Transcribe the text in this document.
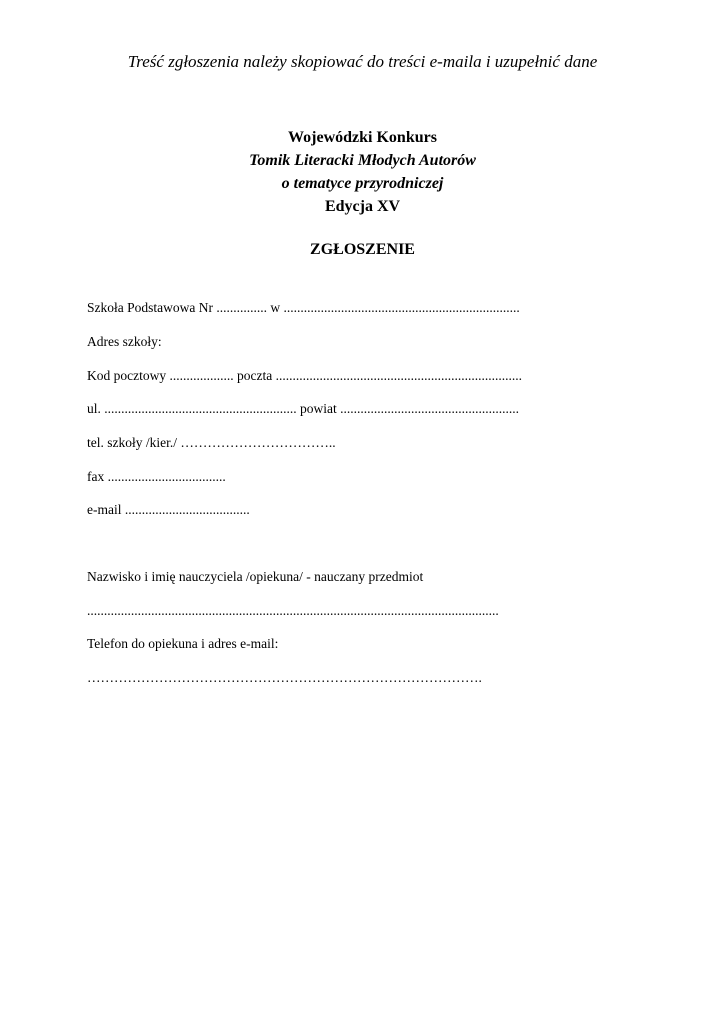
Treść zgłoszenia należy skopiować do treści e-maila i uzupełnić dane
Wojewódzki Konkurs
Tomik Literacki Młodych Autorów
o tematyce przyrodniczej
Edycja XV
ZGŁOSZENIE
Szkoła Podstawowa Nr ............... w ......................................................................
Adres szkoły:
Kod pocztowy ................... poczta .........................................................................
ul. ......................................................... powiat .....................................................
tel. szkoły /kier./ ……………………………..
fax ...................................
e-mail .....................................
Nazwisko i imię nauczyciela /opiekuna/ - nauczany przedmiot
..........................................................................................................................
Telefon do opiekuna i adres e-mail:
…………………………………………………………………………….
